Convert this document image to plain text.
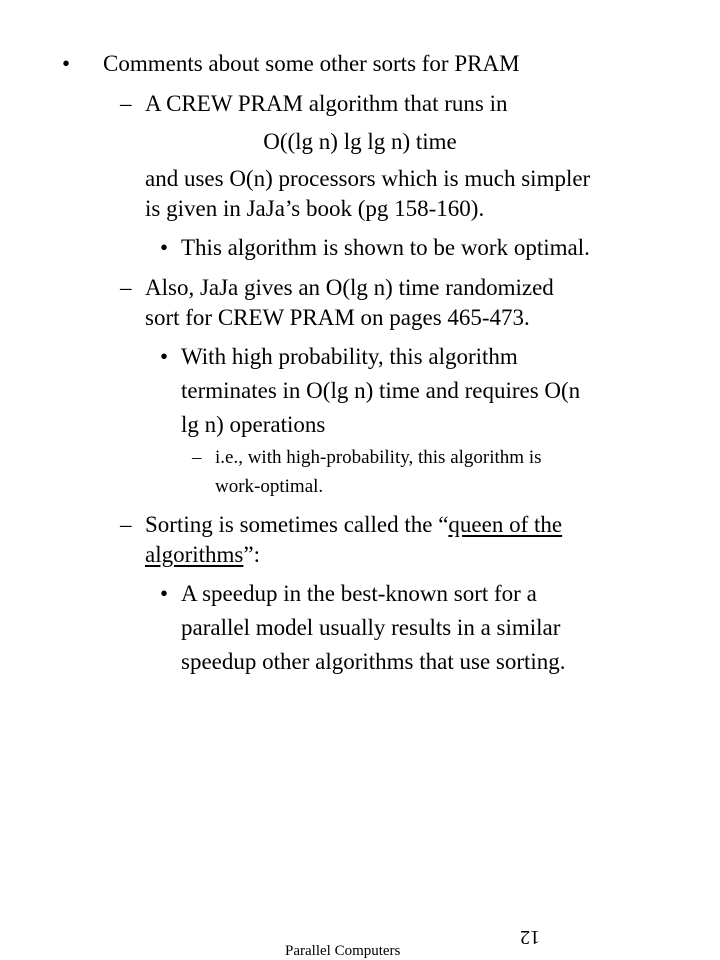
• Comments about some other sorts for PRAM
– A CREW PRAM algorithm that runs in
O((lg n) lg lg n) time
and uses O(n) processors which is much simpler
is given in JaJa’s book (pg 158-160).
• This algorithm is shown to be work optimal.
– Also, JaJa gives an O(lg n) time randomized
sort for CREW PRAM on pages 465-473.
• With high probability, this algorithm
terminates in O(lg n) time and requires O(n
lg n) operations
– i.e., with high-probability, this algorithm is
work-optimal.
– Sorting is sometimes called the “queen of the
algorithms”:
• A speedup in the best-known sort for a
parallel model usually results in a similar
speedup other algorithms that use sorting.
12
Parallel Computers
